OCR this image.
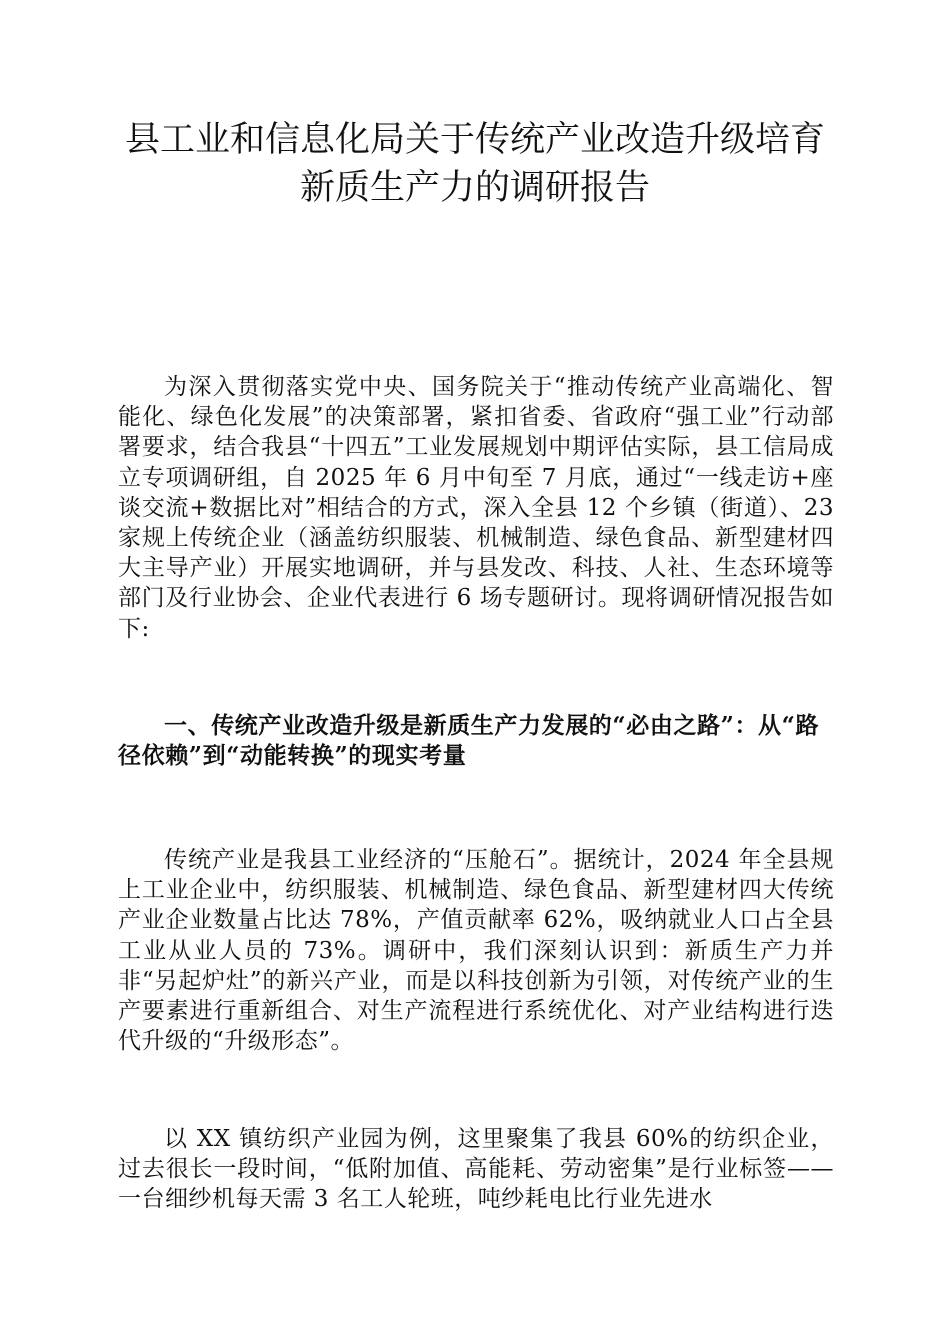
县工业和信息化局关于传统产业改造升级培育
新质生产力的调研报告

为深入贯彻落实党中央、国务院关于“推动传统产业高端化、智能化、绿色化发展”的决策部署，紧扣省委、省政府“强工业”行动部署要求，结合我县“十四五”工业发展规划中期评估实际，县工信局成立专项调研组，自 2025 年 6 月中旬至 7 月底，通过“一线走访+座谈交流+数据比对”相结合的方式，深入全县 12 个乡镇（街道）、23 家规上传统企业（涵盖纺织服装、机械制造、绿色食品、新型建材四大主导产业）开展实地调研，并与县发改、科技、人社、生态环境等部门及行业协会、企业代表进行 6 场专题研讨。现将调研情况报告如下:

一、传统产业改造升级是新质生产力发展的“必由之路”：从“路径依赖”到“动能转换”的现实考量

传统产业是我县工业经济的“压舱石”。据统计，2024 年全县规上工业企业中，纺织服装、机械制造、绿色食品、新型建材四大传统产业企业数量占比达 78%，产值贡献率 62%，吸纳就业人口占全县工业从业人员的 73%。调研中，我们深刻认识到：新质生产力并非“另起炉灶”的新兴产业，而是以科技创新为引领，对传统产业的生产要素进行重新组合、对生产流程进行系统优化、对产业结构进行迭代升级的“升级形态”。

以 XX 镇纺织产业园为例，这里聚集了我县 60%的纺织企业，过去很长一段时间，“低附加值、高能耗、劳动密集”是行业标签——一台细纱机每天需 3 名工人轮班，吨纱耗电比行业先进水
